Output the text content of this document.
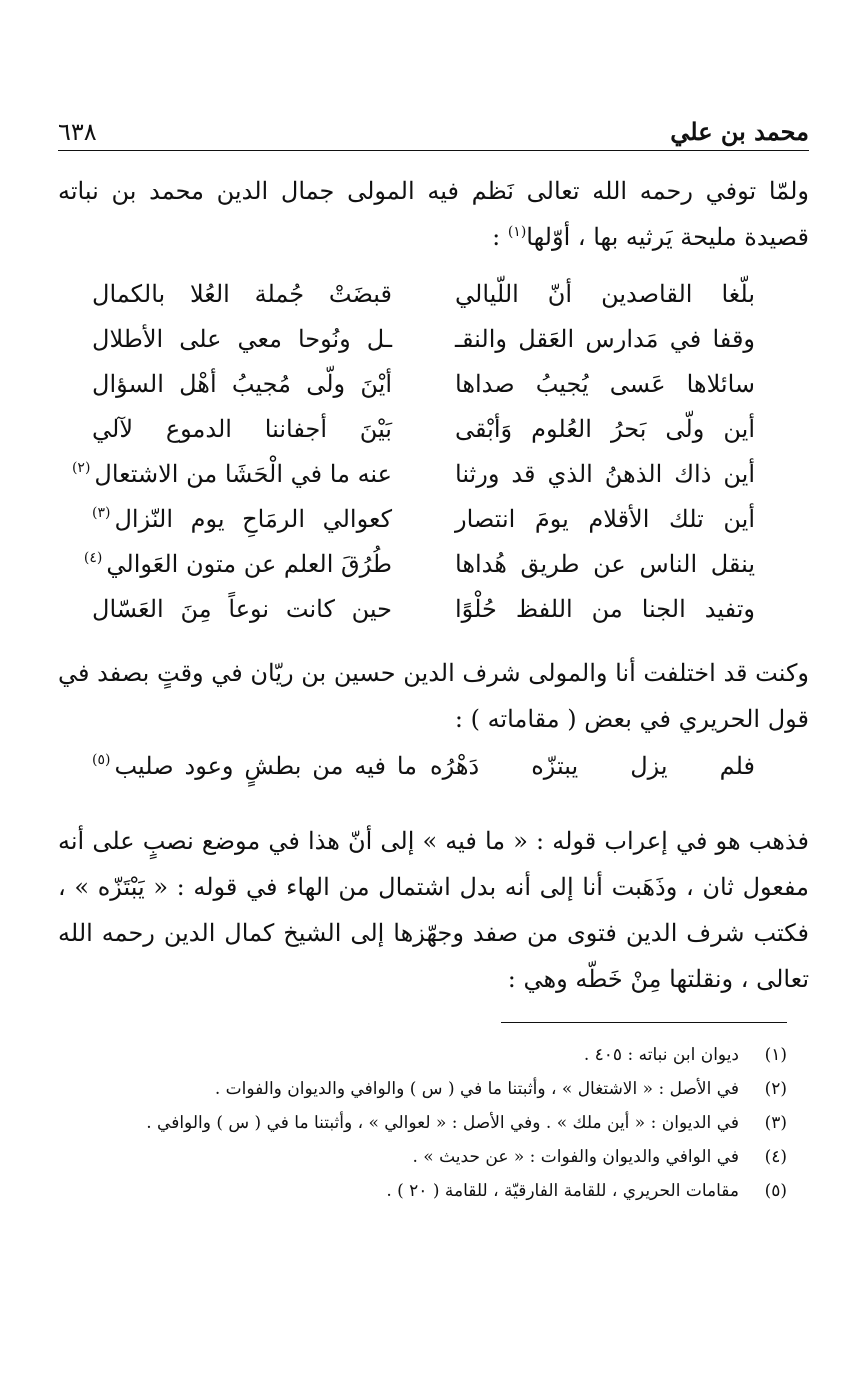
محمد بن علي
٦٣٨
ولمّا توفي رحمه الله تعالى نَظم فيه المولى جمال الدين محمد بن نباته قصيدة مليحة يَرثيه بها ، أوّلها$^{(١)}$ :
بلّغا القاصدين أنّ اللّيالي
قبضَتْ جُملة العُلا بالكمال
وقفا في مَدارس العَقل والنقـ
ـل ونُوحا معي على الأطلال
سائلاها عَسى يُجيبُ صداها
أيْنَ ولّى مُجيبُ أهْل السؤال
أين ولّى بَحرُ العُلوم وَأبْقى
بَيْنَ أجفاننا الدموع لآلي
أين ذاك الذهنُ الذي قد ورثنا
عنه ما في الْحَشَا من الاشتعال$^{(٢)}$
أين تلك الأقلام يومَ انتصار
كعوالي الرمَاحِ يوم النّزال$^{(٣)}$
ينقل الناس عن طريق هُداها
طُرُقَ العلم عن متون العَوالي$^{(٤)}$
وتفيد الجنا من اللفظ حُلْوًا
حين كانت نوعاً مِنَ العَسّال
وكنت قد اختلفت أنا والمولى شرف الدين حسين بن ريّان في وقتٍ بصفد في قول الحريري في بعض ( مقاماته ) :
فلم يزل يبتزّه دَهْرُه
ما فيه من بطشٍ وعود صليب$^{(٥)}$
فذهب هو في إعراب قوله : « ما فيه » إلى أنّ هذا في موضع نصبٍ على أنه مفعول ثان ، وذَهَبت أنا إلى أنه بدل اشتمال من الهاء في قوله : « يَبْتَزّه » ، فكتب شرف الدين فتوى من صفد وجهّزها إلى الشيخ كمال الدين رحمه الله تعالى ، ونقلتها مِنْ خَطّه وهي :
(١)
ديوان ابن نباته : ٤٠٥ .
(٢)
في الأصل : « الاشتغال » ، وأثبتنا ما في ( س ) والوافي والديوان والفوات .
(٣)
في الديوان : « أين ملك » . وفي الأصل : « لعوالي » ، وأثبتنا ما في ( س ) والوافي .
(٤)
في الوافي والديوان والفوات : « عن حديث » .
(٥)
مقامات الحريري ، للقامة الفارقيّة ، للقامة ( ٢٠ ) .
